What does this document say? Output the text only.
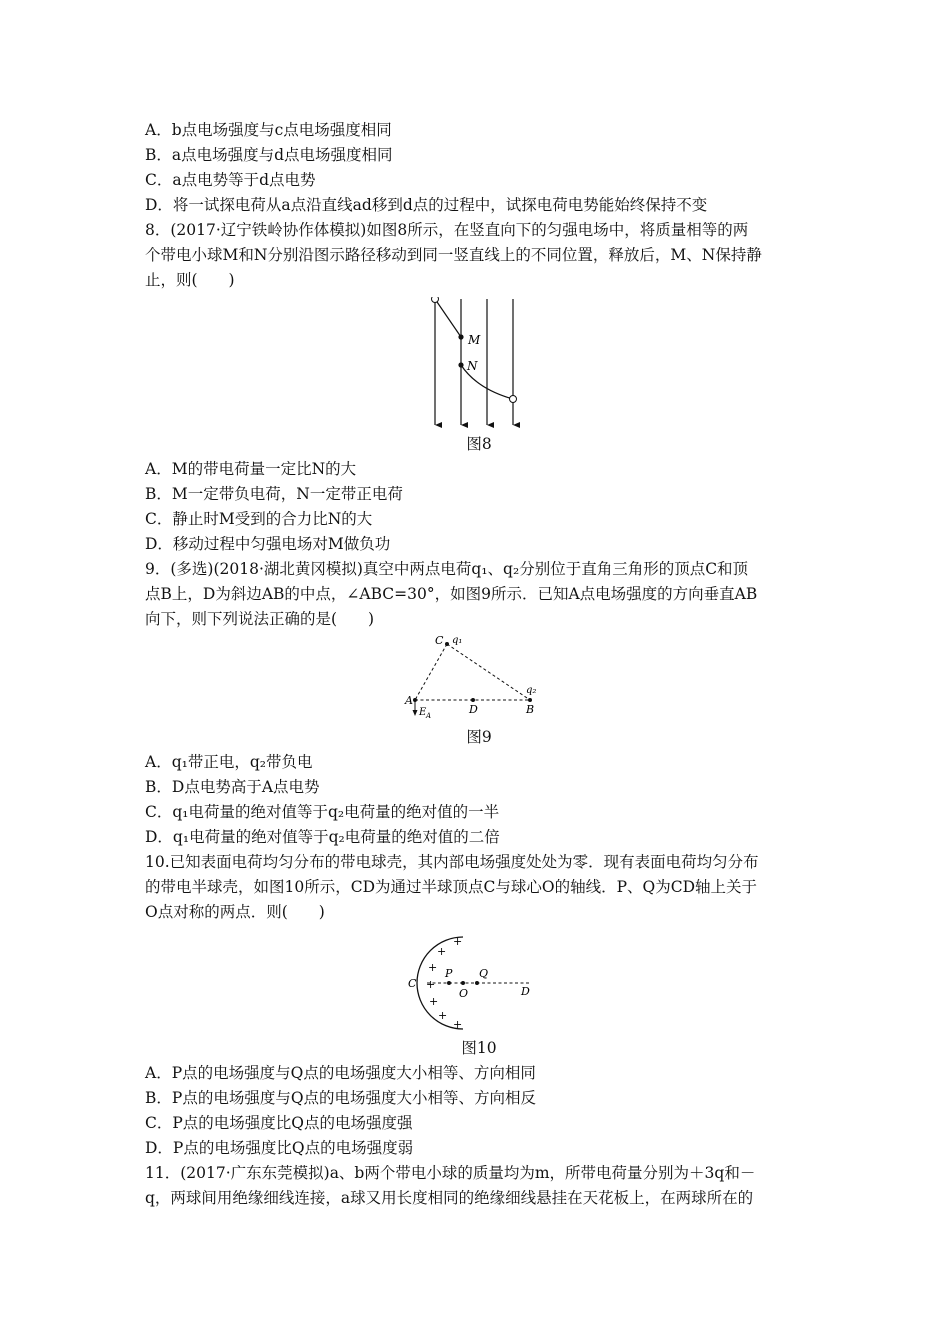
A．b点电场强度与c点电场强度相同
B．a点电场强度与d点电场强度相同
C．a点电势等于d点电势
D．将一试探电荷从a点沿直线ad移到d点的过程中，试探电荷电势能始终保持不变
8．(2017·辽宁铁岭协作体模拟)如图8所示，在竖直向下的匀强电场中，将质量相等的两
个带电小球M和N分别沿图示路径移动到同一竖直线上的不同位置，释放后，M、N保持静
止，则(　　)
M
N
图8
A．M的带电荷量一定比N的大
B．M一定带负电荷，N一定带正电荷
C．静止时M受到的合力比N的大
D．移动过程中匀强电场对M做负功
9．(多选)(2018·湖北黄冈模拟)真空中两点电荷q₁、q₂分别位于直角三角形的顶点C和顶
点B上，D为斜边AB的中点，∠ABC=30°，如图9所示．已知A点电场强度的方向垂直AB
向下，则下列说法正确的是(　　)
C q₁
q₂
A
D	B
E A
图9
A．q₁带正电，q₂带负电
B．D点电势高于A点电势
C．q₁电荷量的绝对值等于q₂电荷量的绝对值的一半
D．q₁电荷量的绝对值等于q₂电荷量的绝对值的二倍
10.已知表面电荷均匀分布的带电球壳，其内部电场强度处处为零．现有表面电荷均匀分布
的带电半球壳，如图10所示，CD为通过半球顶点C与球心O的轴线．P、Q为CD轴上关于
O点对称的两点．则(　　)
+
+
+
+
+
+
+
C
P
O
Q
D
图10
A．P点的电场强度与Q点的电场强度大小相等、方向相同
B．P点的电场强度与Q点的电场强度大小相等、方向相反
C．P点的电场强度比Q点的电场强度强
D．P点的电场强度比Q点的电场强度弱
11．(2017·广东东莞模拟)a、b两个带电小球的质量均为m，所带电荷量分别为＋3q和－
q，两球间用绝缘细线连接，a球又用长度相同的绝缘细线悬挂在天花板上，在两球所在的
